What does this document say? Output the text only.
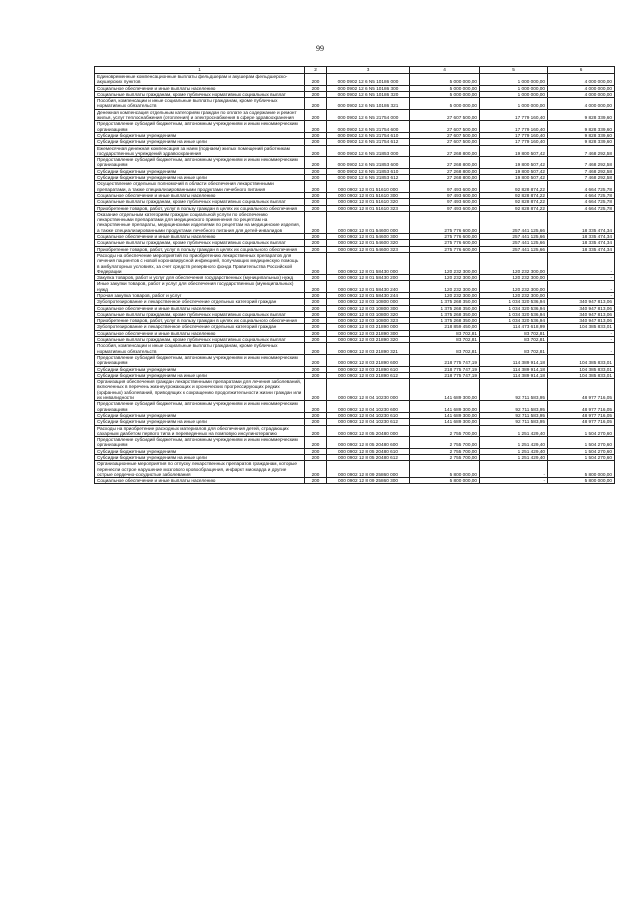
99
1	2	3	4	5	6
Единовременные компенсационные выплаты фельдшерам и акушерам фельдшерско-акушерских пунктов	200	000 0902 12 6 N5 10186 000	5 000 000,00	1 000 000,00	4 000 000,00
Социальное обеспечение и иные выплаты населению	200	000 0902 12 6 N5 10186 300	5 000 000,00	1 000 000,00	4 000 000,00
Социальные выплаты гражданам, кроме публичных нормативных социальных выплат	200	000 0902 12 6 N5 10186 320	5 000 000,00	1 000 000,00	4 000 000,00
Пособия, компенсации и иные социальные выплаты гражданам, кроме публичных нормативных обязательств	200	000 0902 12 6 N5 10186 321	5 000 000,00	1 000 000,00	4 000 000,00
Денежная компенсация отдельным категориям граждан по оплате за содержание и ремонт жилья, услуг теплоснабжения (отопления) и электроснабжения в сфере здравоохранения	200	000 0902 12 6 N5 21754 000	27 607 500,00	17 779 160,40	9 828 339,60
Предоставление субсидий бюджетным, автономным учреждениям и иным некоммерческим организациям	200	000 0902 12 6 N5 21754 600	27 607 500,00	17 779 160,40	9 828 339,60
Субсидии бюджетным учреждениям	200	000 0902 12 6 N5 21754 610	27 607 500,00	17 779 160,40	9 828 339,60
Субсидии бюджетным учреждениям на иные цели	200	000 0902 12 6 N5 21754 612	27 607 500,00	17 779 160,40	9 828 339,60
Ежемесячная денежная компенсация за наем (поднаем) жилых помещений работникам государственных учреждений здравоохранения	200	000 0902 12 6 N5 21853 000	27 268 800,00	19 800 507,42	7 468 292,58
Предоставление субсидий бюджетным, автономным учреждениям и иным некоммерческим организациям	200	000 0902 12 6 N5 21853 600	27 268 800,00	19 800 507,42	7 468 292,58
Субсидии бюджетным учреждениям	200	000 0902 12 6 N5 21853 610	27 268 800,00	19 800 507,42	7 468 292,58
Субсидии бюджетным учреждениям на иные цели	200	000 0902 12 6 N5 21853 612	27 268 800,00	19 800 507,42	7 468 292,58
Осуществление отдельных полномочий в области обеспечения лекарственными препаратами, а также специализированными продуктами лечебного питания	200	000 0902 12 8 01 51610 000	97 493 600,00	92 828 874,22	4 664 725,78
Социальное обеспечение и иные выплаты населению	200	000 0902 12 8 01 51610 300	97 493 600,00	92 828 874,22	4 664 725,78
Социальные выплаты гражданам, кроме публичных нормативных социальных выплат	200	000 0902 12 8 01 51610 320	97 493 600,00	92 828 874,22	4 664 725,78
Приобретение товаров, работ, услуг в пользу граждан в целях их социального обеспечения	200	000 0902 12 8 01 51610 323	97 493 600,00	92 828 874,22	4 664 725,78
Оказание отдельным категориям граждан социальной услуги по обеспечению лекарственными препаратами для медицинского применения по рецептам на лекарственные препараты, медицинскими изделиями по рецептам на медицинские изделия, а также специализированными продуктами лечебного питания для детей-инвалидов	200	000 0902 12 8 01 54600 000	275 776 600,00	257 441 125,66	18 335 474,34
Социальное обеспечение и иные выплаты населению	200	000 0902 12 8 01 54600 300	275 776 600,00	257 441 125,66	18 335 474,34
Социальные выплаты гражданам, кроме публичных нормативных социальных выплат	200	000 0902 12 8 01 54600 320	275 776 600,00	257 441 125,66	18 335 474,34
Приобретение товаров, работ, услуг в пользу граждан в целях их социального обеспечения	200	000 0902 12 8 01 54600 323	275 776 600,00	257 441 125,66	18 335 474,34
Расходы на обеспечение мероприятий по приобретению лекарственных препаратов для лечения пациентов с новой коронавирусной инфекцией, получающих медицинскую помощь в амбулаторных условиях, за счет средств резервного фонда Правительства Российской Федерации	200	000 0902 12 8 01 58430 000	120 232 300,00	120 232 300,00	-
Закупка товаров, работ и услуг для обеспечения государственных (муниципальных) нужд	200	000 0902 12 8 01 58430 200	120 232 300,00	120 232 300,00	-
Иные закупки товаров, работ и услуг для обеспечения государственных (муниципальных) нужд	200	000 0902 12 8 01 58430 240	120 232 300,00	120 232 300,00	-
Прочая закупка товаров, работ и услуг	200	000 0902 12 8 01 58430 244	120 232 300,00	120 232 300,00	-
Зубопротезирование и лекарственное обеспечение отдельных категорий граждан	200	000 0902 12 8 03 10800 000	1 375 268 350,00	1 034 320 536,94	340 947 813,06
Социальное обеспечение и иные выплаты населению	200	000 0902 12 8 03 10800 300	1 375 268 350,00	1 034 320 536,94	340 947 813,06
Социальные выплаты гражданам, кроме публичных нормативных социальных выплат	200	000 0902 12 8 03 10800 320	1 375 268 350,00	1 034 320 536,94	340 947 813,06
Приобретение товаров, работ, услуг в пользу граждан в целях их социального обеспечения	200	000 0902 12 8 03 10800 323	1 375 268 350,00	1 034 320 536,94	340 947 813,06
Зубопротезирование и лекарственное обеспечение отдельных категорий граждан	200	000 0902 12 8 03 21890 000	218 859 450,00	114 473 618,99	104 385 833,01
Социальное обеспечение и иные выплаты населению	200	000 0902 12 8 03 21890 300	83 702,81	83 702,81	-
Социальные выплаты гражданам, кроме публичных нормативных социальных выплат	200	000 0902 12 8 03 21890 320	83 702,81	83 702,81	-
Пособия, компенсации и иные социальные выплаты гражданам, кроме публичных нормативных обязательств	200	000 0902 12 8 03 21890 321	83 702,81	83 702,81	-
Предоставление субсидий бюджетным, автономным учреждениям и иным некоммерческим организациям	200	000 0902 12 8 03 21890 600	218 775 747,19	114 389 914,18	104 385 833,01
Субсидии бюджетным учреждениям	200	000 0902 12 8 03 21890 610	218 775 747,19	114 389 914,18	104 385 833,01
Субсидии бюджетным учреждениям на иные цели	200	000 0902 12 8 03 21890 612	218 775 747,19	114 389 914,18	104 385 833,01
Организация обеспечения граждан лекарственными препаратами для лечения заболеваний, включенных в перечень жизнеугрожающих и хронических прогрессирующих редких (орфанных) заболеваний, приводящих к сокращению продолжительности жизни граждан или их инвалидности	200	000 0902 12 8 04 10230 000	141 689 300,00	92 711 583,95	48 977 716,05
Предоставление субсидий бюджетным, автономным учреждениям и иным некоммерческим организациям	200	000 0902 12 8 04 10230 600	141 689 300,00	92 711 583,95	48 977 716,05
Субсидии бюджетным учреждениям	200	000 0902 12 8 04 10230 610	141 689 300,00	92 711 583,95	48 977 716,05
Субсидии бюджетным учреждениям на иные цели	200	000 0902 12 8 04 10230 612	141 689 300,00	92 711 583,95	48 977 716,05
Расходы на приобретение расходных материалов для обеспечения детей, страдающих сахарным диабетом первого типа и переведенных на помповую инсулинотерапию	200	000 0902 12 8 05 20480 000	2 755 700,00	1 251 429,40	1 504 270,60
Предоставление субсидий бюджетным, автономным учреждениям и иным некоммерческим организациям	200	000 0902 12 8 05 20480 600	2 755 700,00	1 251 429,40	1 504 270,60
Субсидии бюджетным учреждениям	200	000 0902 12 8 05 20480 610	2 755 700,00	1 251 429,40	1 504 270,60
Субсидии бюджетным учреждениям на иные цели	200	000 0902 12 8 05 20480 612	2 755 700,00	1 251 429,40	1 504 270,60
Организационные мероприятия по отпуску лекарственных препаратов гражданам, которые перенесли острое нарушение мозгового кровообращения, инфаркт миокарда и другие острые сердечно-сосудистые заболевания	200	000 0902 12 8 09 25860 000	5 800 000,00	-	5 800 000,00
Социальное обеспечение и иные выплаты населению	200	000 0902 12 8 09 25860 300	5 800 000,00	-	5 800 000,00
